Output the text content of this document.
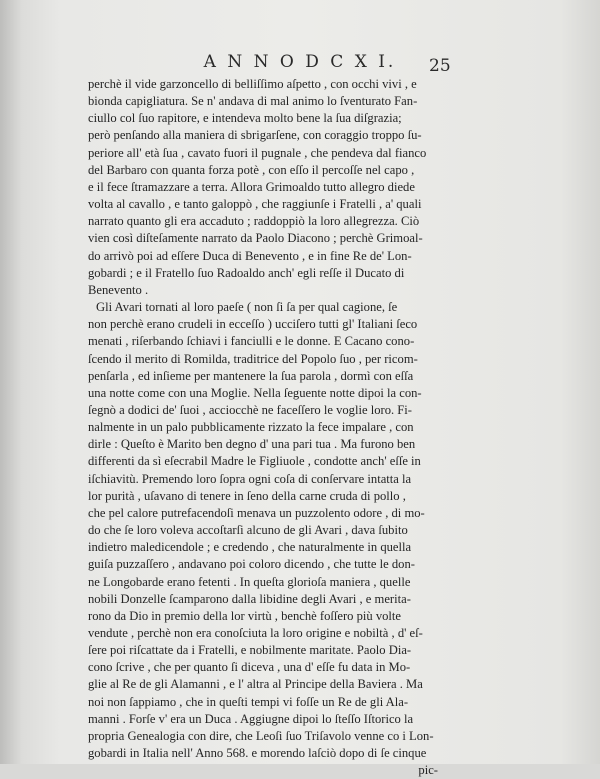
A N N O D C X I.	25
perchè il vide garzoncello di belliſſimo aſpetto , con occhi vivi , e
bionda capigliatura. Se n' andava di mal animo lo ſventurato Fan-
ciullo col ſuo rapitore, e intendeva molto bene la ſua diſgrazia;
però penſando alla maniera di sbrigarſene, con coraggio troppo ſu-
periore all' età ſua , cavato fuori il pugnale , che pendeva dal fianco
del Barbaro con quanta forza potè , con eſſo il percoſſe nel capo ,
e il fece ſtramazzare a terra. Allora Grimoaldo tutto allegro diede
volta al cavallo , e tanto galoppò , che raggiunſe i Fratelli , a' quali
narrato quanto gli era accaduto ; raddoppiò la loro allegrezza. Ciò
vien così diſteſamente narrato da Paolo Diacono ; perchè Grimoal-
do arrivò poi ad eſſere Duca di Benevento , e in fine Re de' Lon-
gobardi ; e il Fratello ſuo Radoaldo anch' egli reſſe il Ducato di
Benevento .
Gli Avari tornati al loro paeſe ( non ſi ſa per qual cagione, ſe
non perchè erano crudeli in ecceſſo ) ucciſero tutti gl' Italiani ſeco
menati , riſerbando ſchiavi i fanciulli e le donne. E Cacano cono-
ſcendo il merito di Romilda, traditrice del Popolo ſuo , per ricom-
penſarla , ed inſieme per mantenere la ſua parola , dormì con eſſa
una notte come con una Moglie. Nella ſeguente notte dipoi la con-
ſegnò a dodici de' ſuoi , acciocchè ne faceſſero le voglie loro. Fi-
nalmente in un palo pubblicamente rizzato la fece impalare , con
dirle : Queſto è Marito ben degno d' una pari tua . Ma furono ben
differenti da sì eſecrabil Madre le Figliuole , condotte anch' eſſe in
iſchiavitù. Premendo loro ſopra ogni coſa di conſervare intatta la
lor purità , uſavano di tenere in ſeno della carne cruda di pollo ,
che pel calore putrefacendoſi menava un puzzolento odore , di mo-
do che ſe loro voleva accoſtarſi alcuno de gli Avari , dava ſubito
indietro maledicendole ; e credendo , che naturalmente in quella
guiſa puzzaſſero , andavano poi coloro dicendo , che tutte le don-
ne Longobarde erano fetenti . In queſta glorioſa maniera , quelle
nobili Donzelle ſcamparono dalla libidine degli Avari , e merita-
rono da Dio in premio della lor virtù , benchè foſſero più volte
vendute , perchè non era conoſciuta la loro origine e nobiltà , d' eſ-
ſere poi riſcattate da i Fratelli, e nobilmente maritate. Paolo Dia-
cono ſcrive , che per quanto ſi diceva , una d' eſſe fu data in Mo-
glie al Re de gli Alamanni , e l' altra al Principe della Baviera . Ma
noi non ſappiamo , che in queſti tempi vi foſſe un Re de gli Ala-
manni . Forſe v' era un Duca . Aggiugne dipoi lo ſteſſo Iſtorico la
propria Genealogia con dire, che Leoſi ſuo Triſavolo venne co i Lon-
gobardi in Italia nell' Anno 568. e morendo laſciò dopo di ſe cinque
pic-
